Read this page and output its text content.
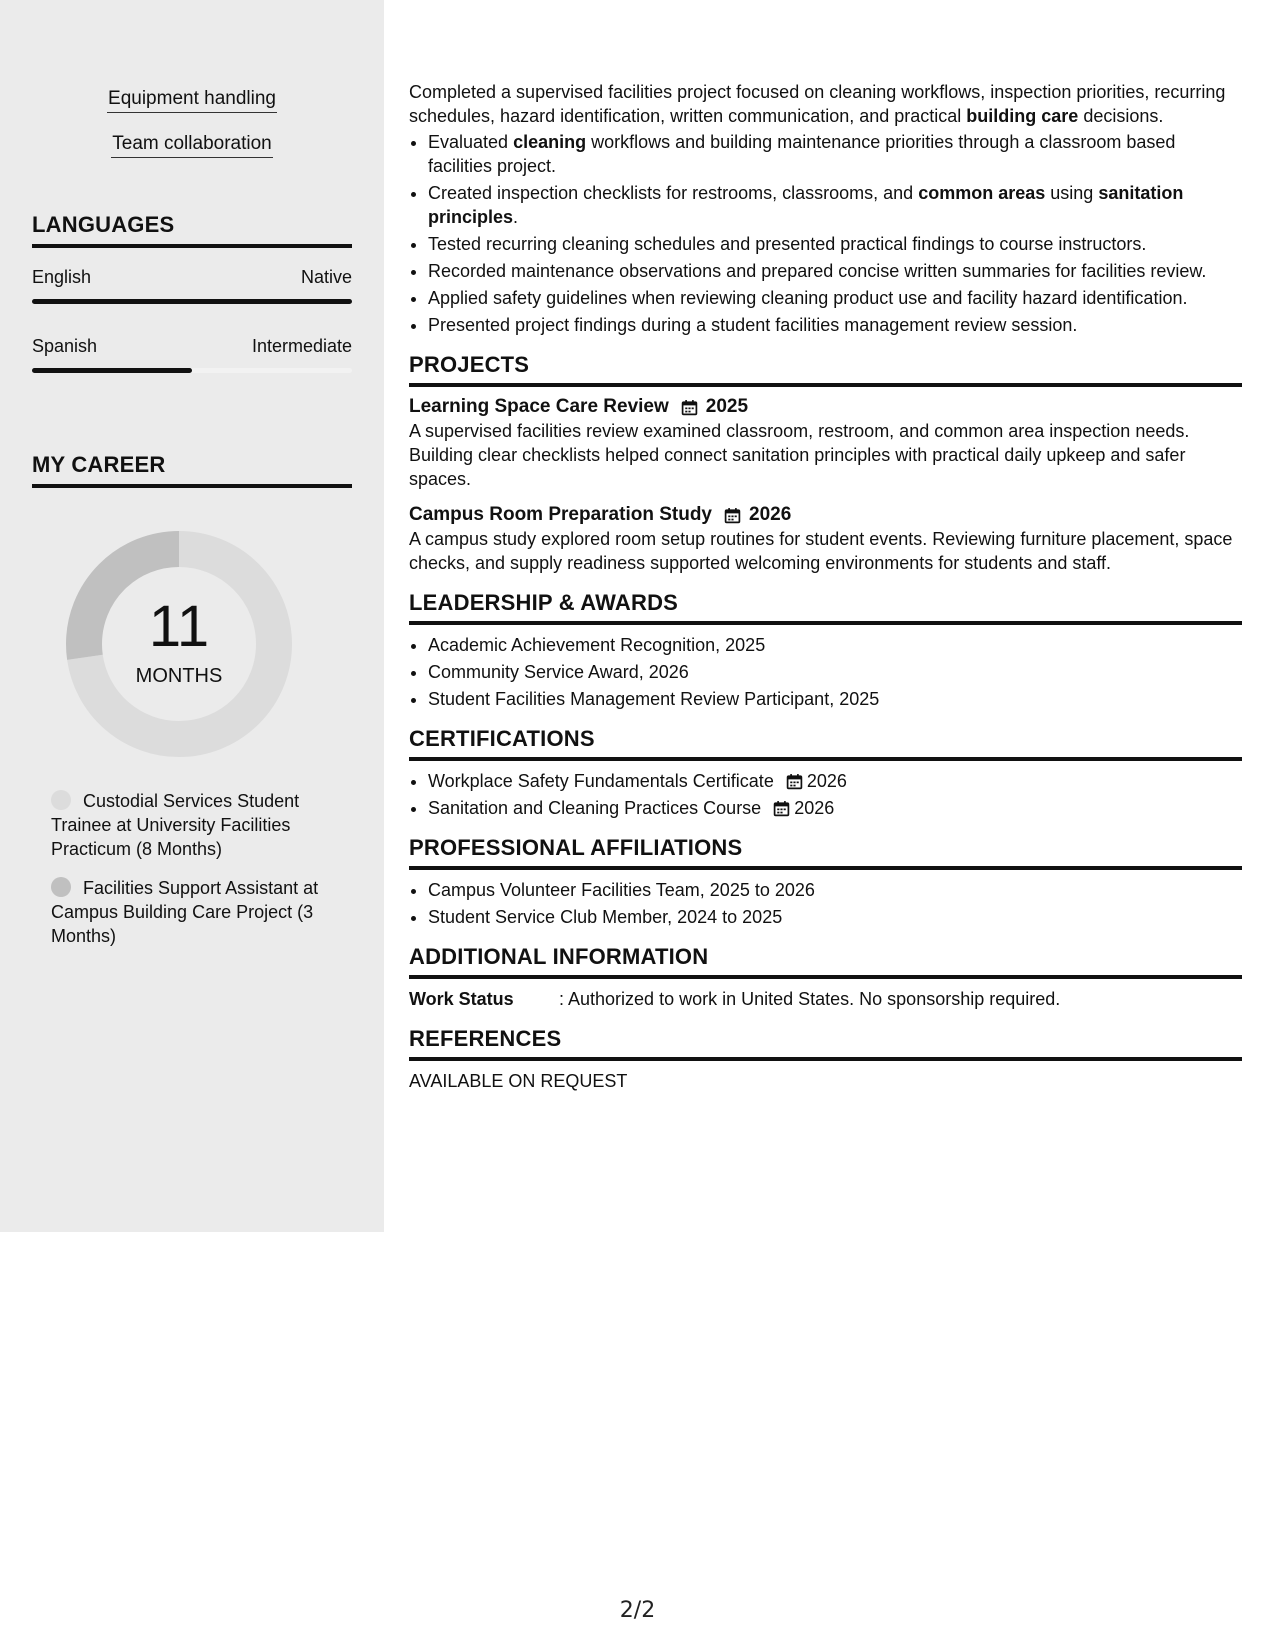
Equipment handling
Team collaboration
LANGUAGES
English	Native
Spanish	Intermediate
MY CAREER
11
MONTHS
Custodial Services Student Trainee at University Facilities Practicum (8 Months)
Facilities Support Assistant at Campus Building Care Project (3 Months)

Completed a supervised facilities project focused on cleaning workflows, inspection priorities, recurring schedules, hazard identification, written communication, and practical building care decisions.

• Evaluated cleaning workflows and building maintenance priorities through a classroom based facilities project.
• Created inspection checklists for restrooms, classrooms, and common areas using sanitation principles.
• Tested recurring cleaning schedules and presented practical findings to course instructors.
• Recorded maintenance observations and prepared concise written summaries for facilities review.
• Applied safety guidelines when reviewing cleaning product use and facility hazard identification.
• Presented project findings during a student facilities management review session.
PROJECTS
Learning Space Care Review 2025

A supervised facilities review examined classroom, restroom, and common area inspection needs. Building clear checklists helped connect sanitation principles with practical daily upkeep and safer spaces.

Campus Room Preparation Study 2026

A campus study explored room setup routines for student events. Reviewing furniture placement, space checks, and supply readiness supported welcoming environments for students and staff.

LEADERSHIP & AWARDS
• Academic Achievement Recognition, 2025
• Community Service Award, 2026
• Student Facilities Management Review Participant, 2025
CERTIFICATIONS
• Workplace Safety Fundamentals Certificate 2026
• Sanitation and Cleaning Practices Course 2026
PROFESSIONAL AFFILIATIONS
• Campus Volunteer Facilities Team, 2025 to 2026
• Student Service Club Member, 2024 to 2025
ADDITIONAL INFORMATION
Work Status	: Authorized to work in United States. No sponsorship required.
REFERENCES

AVAILABLE ON REQUEST

2/2
